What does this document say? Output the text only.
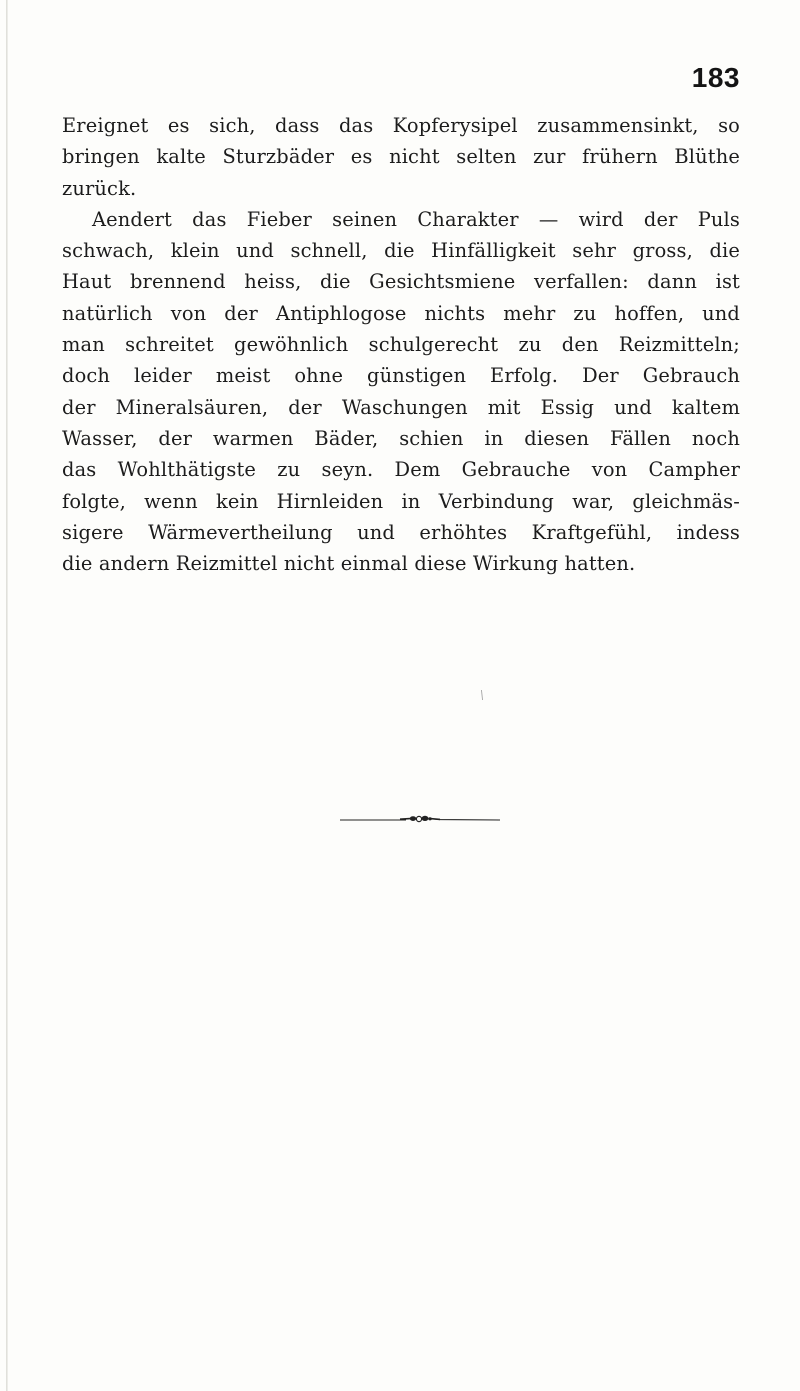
183
Ereignet es sich, dass das Kopferysipel zusammensinkt, so
bringen kalte Sturzbäder es nicht selten zur frühern Blüthe
zurück.
Aendert das Fieber seinen Charakter — wird der Puls
schwach, klein und schnell, die Hinfälligkeit sehr gross, die
Haut brennend heiss, die Gesichtsmiene verfallen: dann ist
natürlich von der Antiphlogose nichts mehr zu hoffen, und
man schreitet gewöhnlich schulgerecht zu den Reizmitteln;
doch leider meist ohne günstigen Erfolg. Der Gebrauch
der Mineralsäuren, der Waschungen mit Essig und kaltem
Wasser, der warmen Bäder, schien in diesen Fällen noch
das Wohlthätigste zu seyn. Dem Gebrauche von Campher
folgte, wenn kein Hirnleiden in Verbindung war, gleichmäs-
sigere Wärmevertheilung und erhöhtes Kraftgefühl, indess
die andern Reizmittel nicht einmal diese Wirkung hatten.
